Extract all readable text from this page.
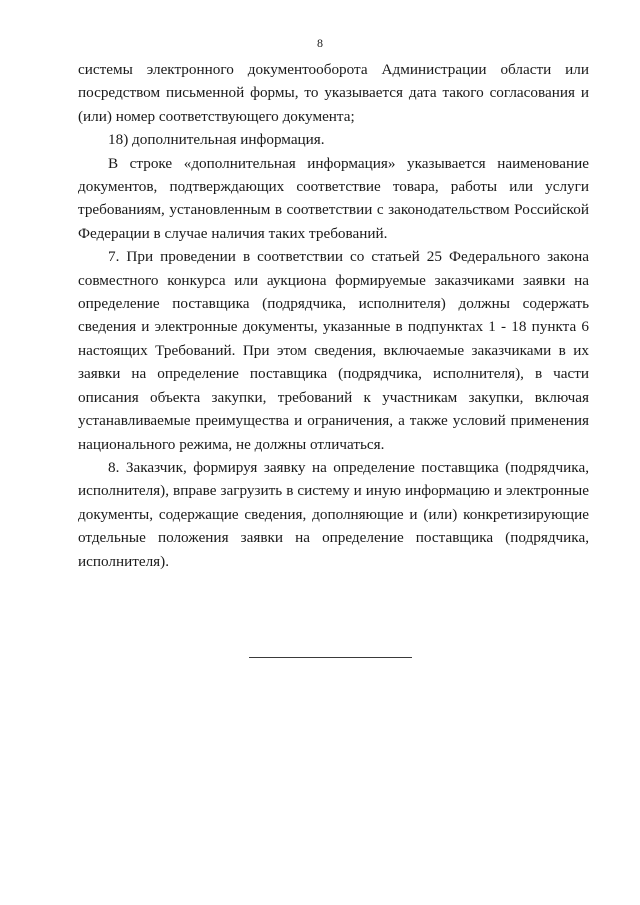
8

системы электронного документооборота Администрации области или посредством письменной формы, то указывается дата такого согласования и (или) номер соответствующего документа;

18) дополнительная информация.

В строке «дополнительная информация» указывается наименование документов, подтверждающих соответствие товара, работы или услуги требованиям, установленным в соответствии с законодательством Российской Федерации в случае наличия таких требований.

7. При проведении в соответствии со статьей 25 Федерального закона совместного конкурса или аукциона формируемые заказчиками заявки на определение поставщика (подрядчика, исполнителя) должны содержать сведения и электронные документы, указанные в подпунктах 1 - 18 пункта 6 настоящих Требований. При этом сведения, включаемые заказчиками в их заявки на определение поставщика (подрядчика, исполнителя), в части описания объекта закупки, требований к участникам закупки, включая устанавливаемые преимущества и ограничения, а также условий применения национального режима, не должны отличаться.

8. Заказчик, формируя заявку на определение поставщика (подрядчика, исполнителя), вправе загрузить в систему и иную информацию и электронные документы, содержащие сведения, дополняющие и (или) конкретизирующие отдельные положения заявки на определение поставщика (подрядчика, исполнителя).
